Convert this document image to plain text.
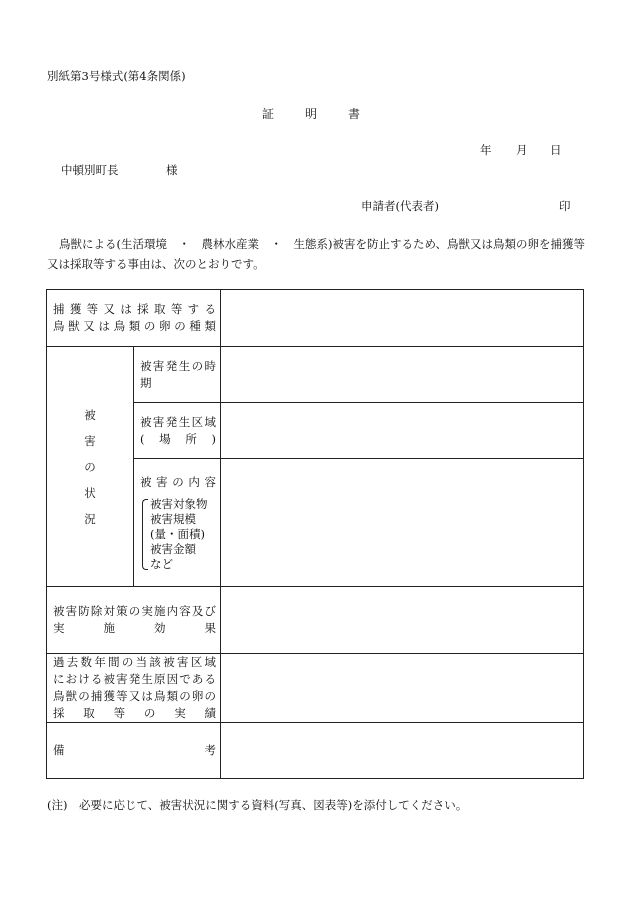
別紙第3号様式(第4条関係)
証明書
年 月 日
中頓別町長	様
申請者(代表者)	印
鳥獣による(生活環境　・　農林水産業　・　生態系)被害を防止するため、鳥獣又は鳥類の卵を捕獲等又は採取等する事由は、次のとおりです。
捕獲等又は採取等する
鳥獣又は鳥類の卵の種類		

被害の状況	被害発生の時期	

	被害発生区域(場所)	

	被害の内容
被害対象物
被害規模(量・面積)
被害金額　　など	

被害防除対策の実施内容及び
実施効果		

過去数年間の当該被害区域
における被害発生原因である
鳥獣の捕獲等又は鳥類の卵の
採取等の実績		

備考		

(注)　必要に応じて、被害状況に関する資料(写真、図表等)を添付してください。
